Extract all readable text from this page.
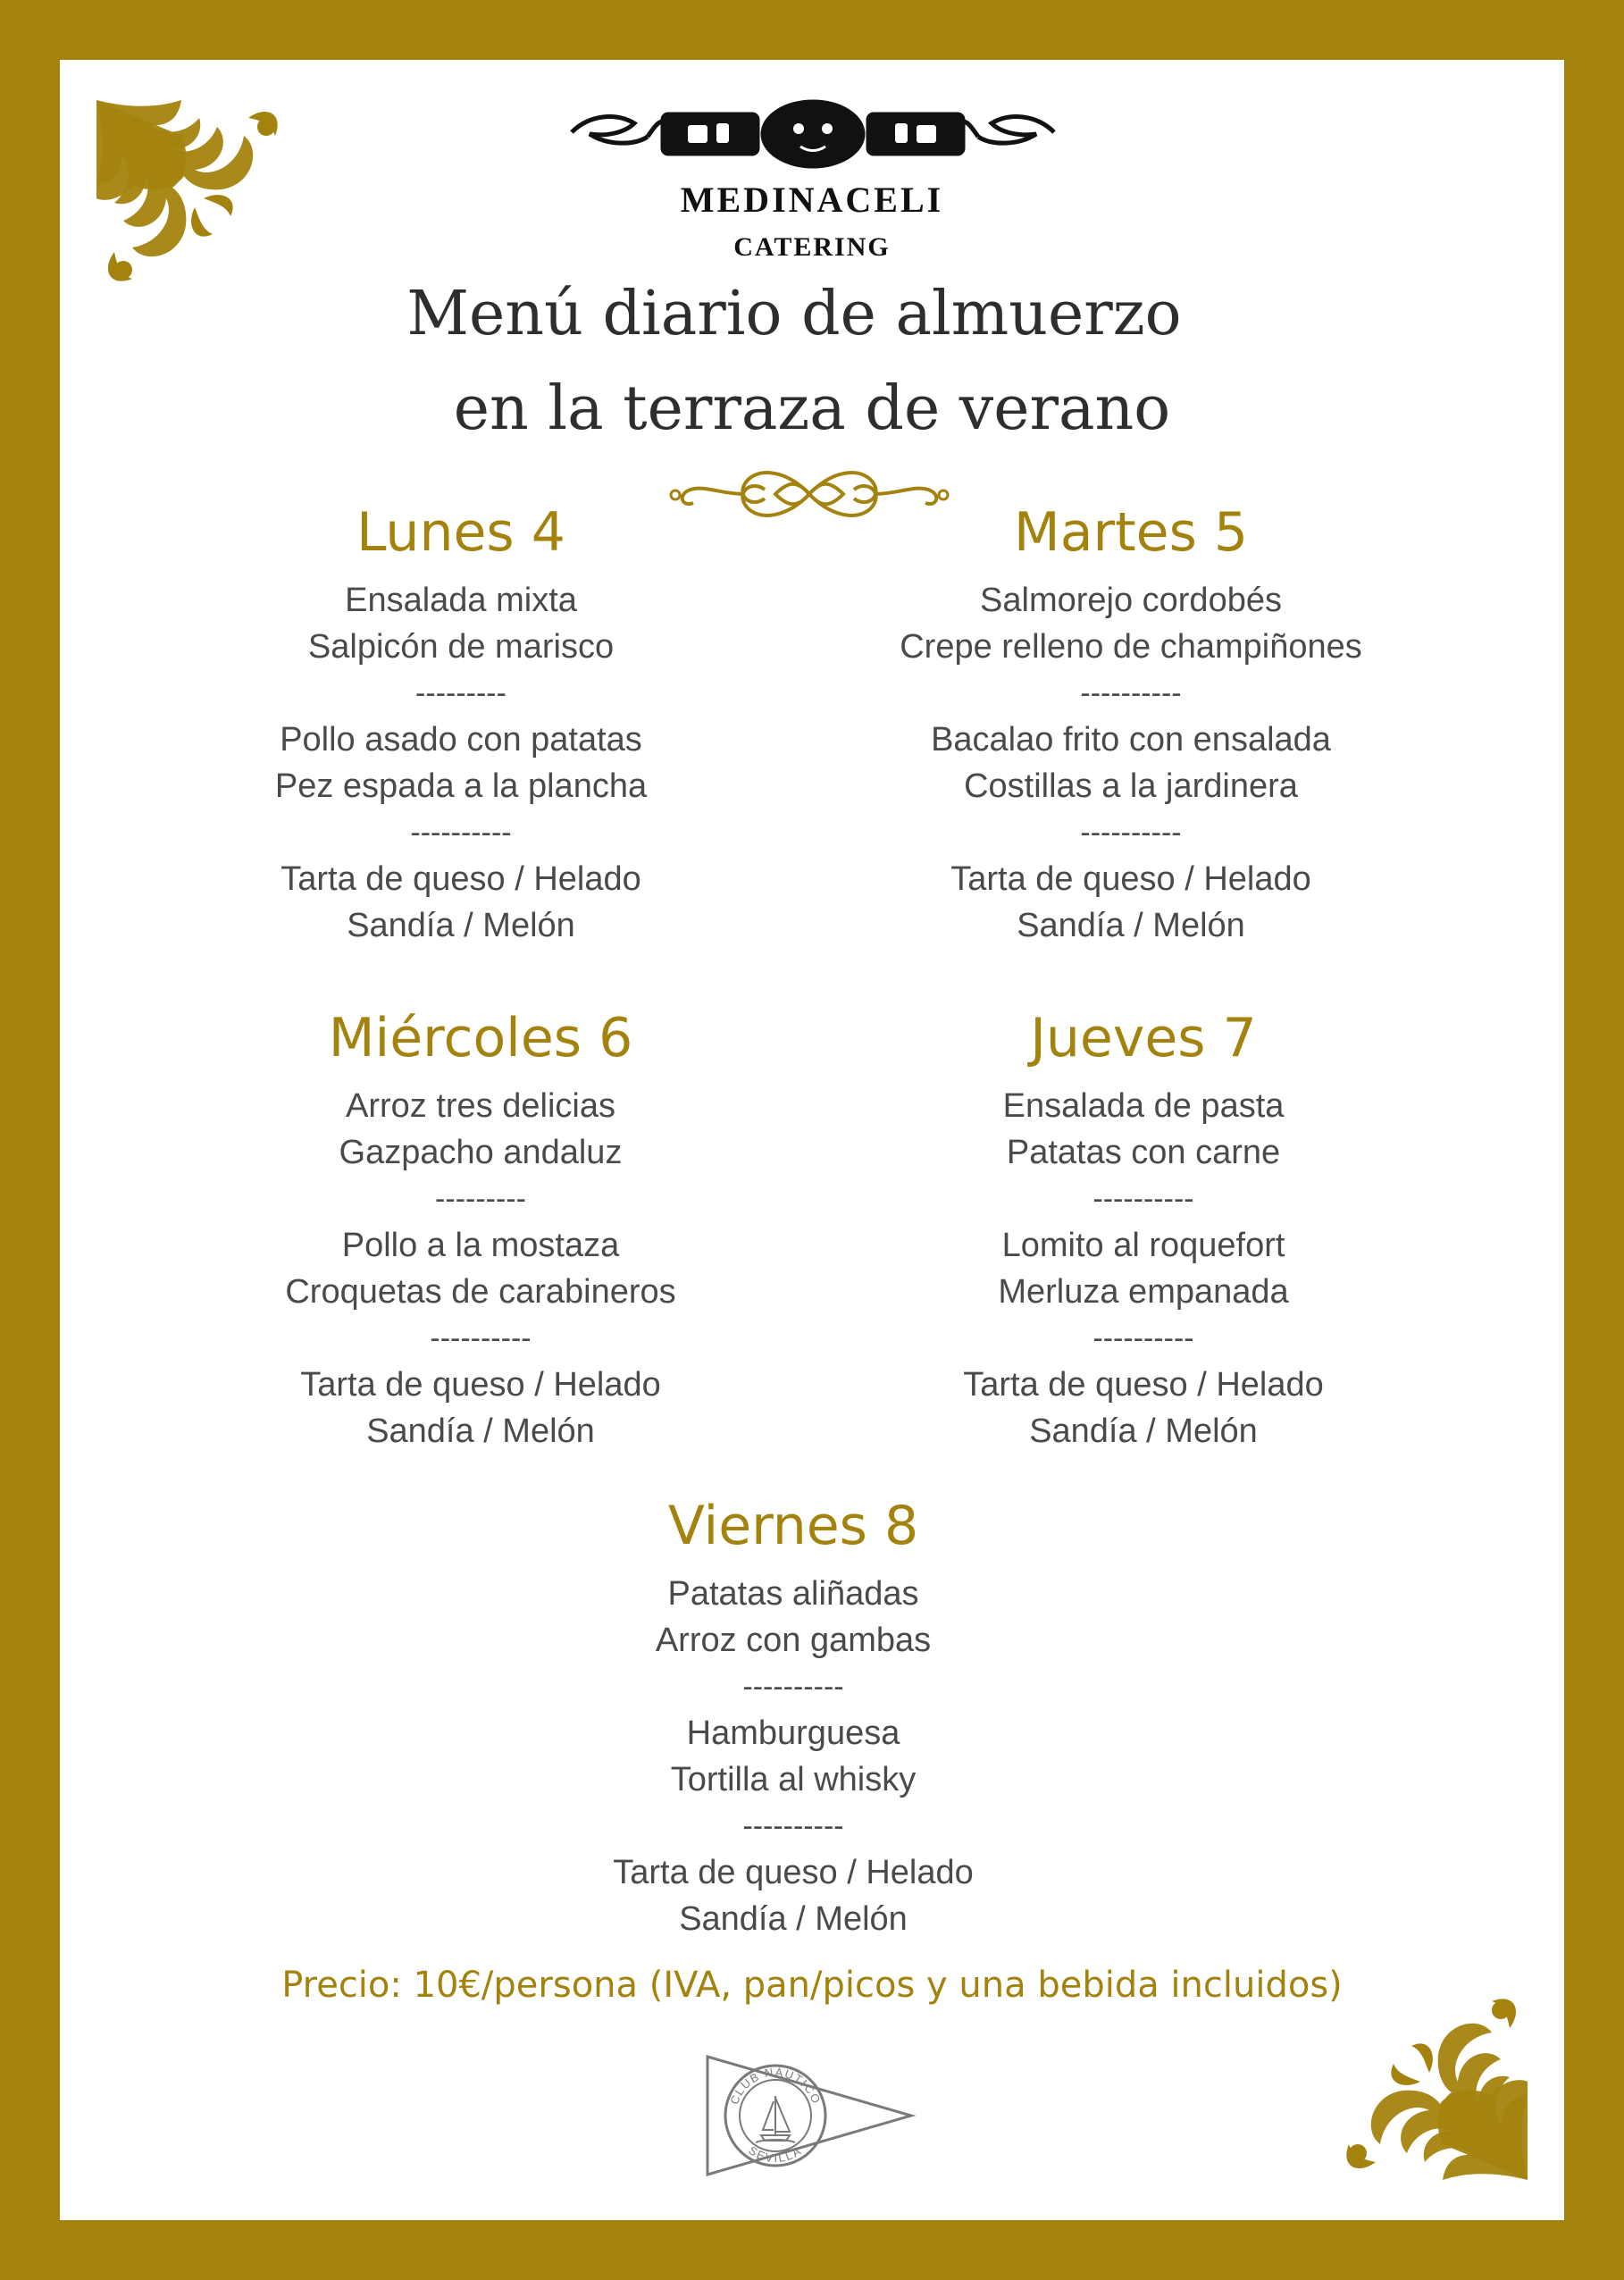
MEDINACELI
CATERING
Menú diario de almuerzo
en la terraza de verano
Lunes 4
Ensalada mixta
Salpicón de marisco
---------
Pollo asado con patatas
Pez espada a la plancha
----------
Tarta de queso / Helado
Sandía / Melón
Martes 5
Salmorejo cordobés
Crepe relleno de champiñones
----------
Bacalao frito con ensalada
Costillas a la jardinera
----------
Tarta de queso / Helado
Sandía / Melón
Miércoles 6
Arroz tres delicias
Gazpacho andaluz
---------
Pollo a la mostaza
Croquetas de carabineros
----------
Tarta de queso / Helado
Sandía / Melón
Jueves 7
Ensalada de pasta
Patatas con carne
----------
Lomito al roquefort
Merluza empanada
----------
Tarta de queso / Helado
Sandía / Melón
Viernes 8
Patatas aliñadas
Arroz con gambas
----------
Hamburguesa
Tortilla al whisky
----------
Tarta de queso / Helado
Sandía / Melón
Precio: 10€/persona (IVA, pan/picos y una bebida incluidos)
CLUB NÁUTICO
SEVILLA
